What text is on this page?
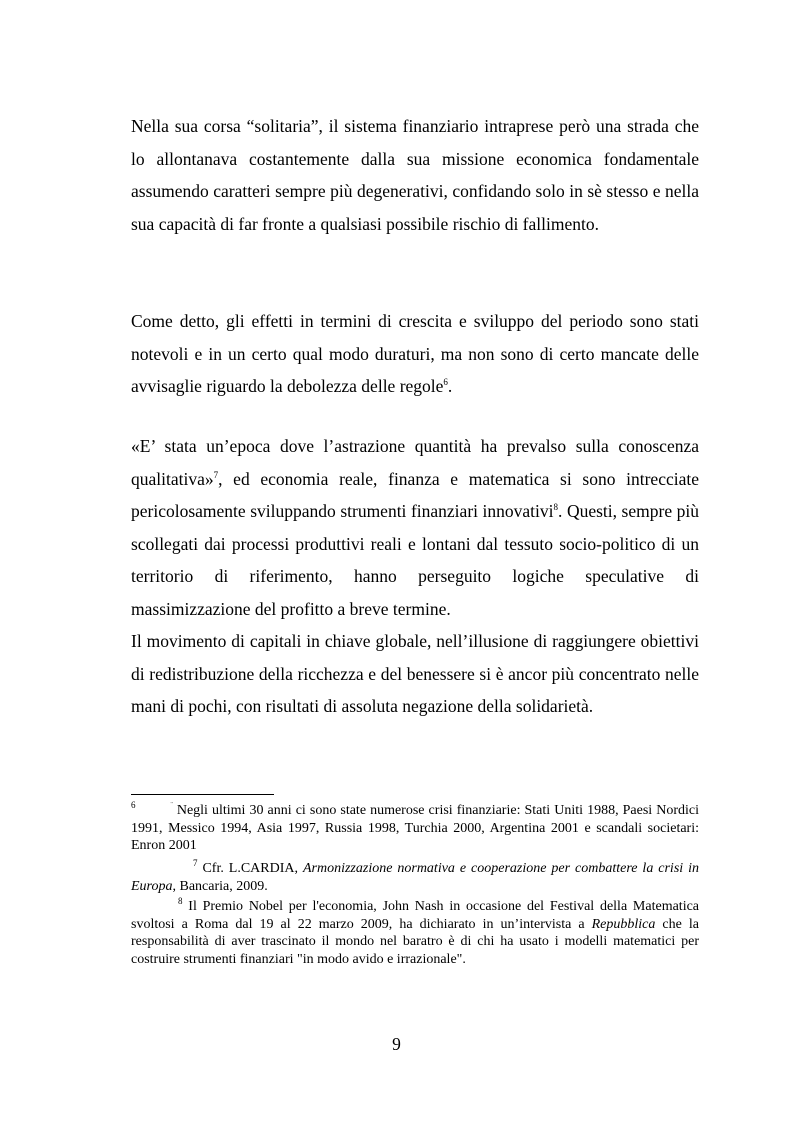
Nella sua corsa “solitaria”, il sistema finanziario intraprese però una strada che lo allontanava costantemente dalla sua missione economica fondamentale assumendo caratteri sempre più degenerativi, confidando solo in sè stesso e nella sua capacità di far fronte a qualsiasi possibile rischio di fallimento.

Come detto, gli effetti in termini di crescita e sviluppo del periodo sono stati notevoli e in un certo qual modo duraturi, ma non sono di certo mancate delle avvisaglie riguardo la debolezza delle regole$^6$.

«E’ stata un’epoca dove l’astrazione quantità ha prevalso sulla conoscenza qualitativa»$^7$, ed economia reale, finanza e matematica si sono intrecciate pericolosamente sviluppando strumenti finanziari innovativi$^8$. Questi, sempre più scollegati dai processi produttivi reali e lontani dal tessuto socio-politico di un territorio di riferimento, hanno perseguito logiche speculative di massimizzazione del profitto a breve termine.

Il movimento di capitali in chiave globale, nell’illusione di raggiungere obiettivi di redistribuzione della ricchezza e del benessere si è ancor più concentrato nelle mani di pochi, con risultati di assoluta negazione della solidarietà.

$^6$	¨ Negli ultimi 30 anni ci sono state numerose crisi finanziarie: Stati Uniti 1988, Paesi Nordici 1991, Messico 1994, Asia 1997, Russia 1998, Turchia 2000, Argentina 2001 e scandali societari: Enron 2001

$^7$ Cfr. L.CARDIA, Armonizzazione normativa e cooperazione per combattere la crisi in Europa, Bancaria, 2009.

$^8$ Il Premio Nobel per l'economia, John Nash in occasione del Festival della Matematica svoltosi a Roma dal 19 al 22 marzo 2009, ha dichiarato in un’intervista a Repubblica che la responsabilità di aver trascinato il mondo nel baratro è di chi ha usato i modelli matematici per costruire strumenti finanziari "in modo avido e irrazionale".

9
